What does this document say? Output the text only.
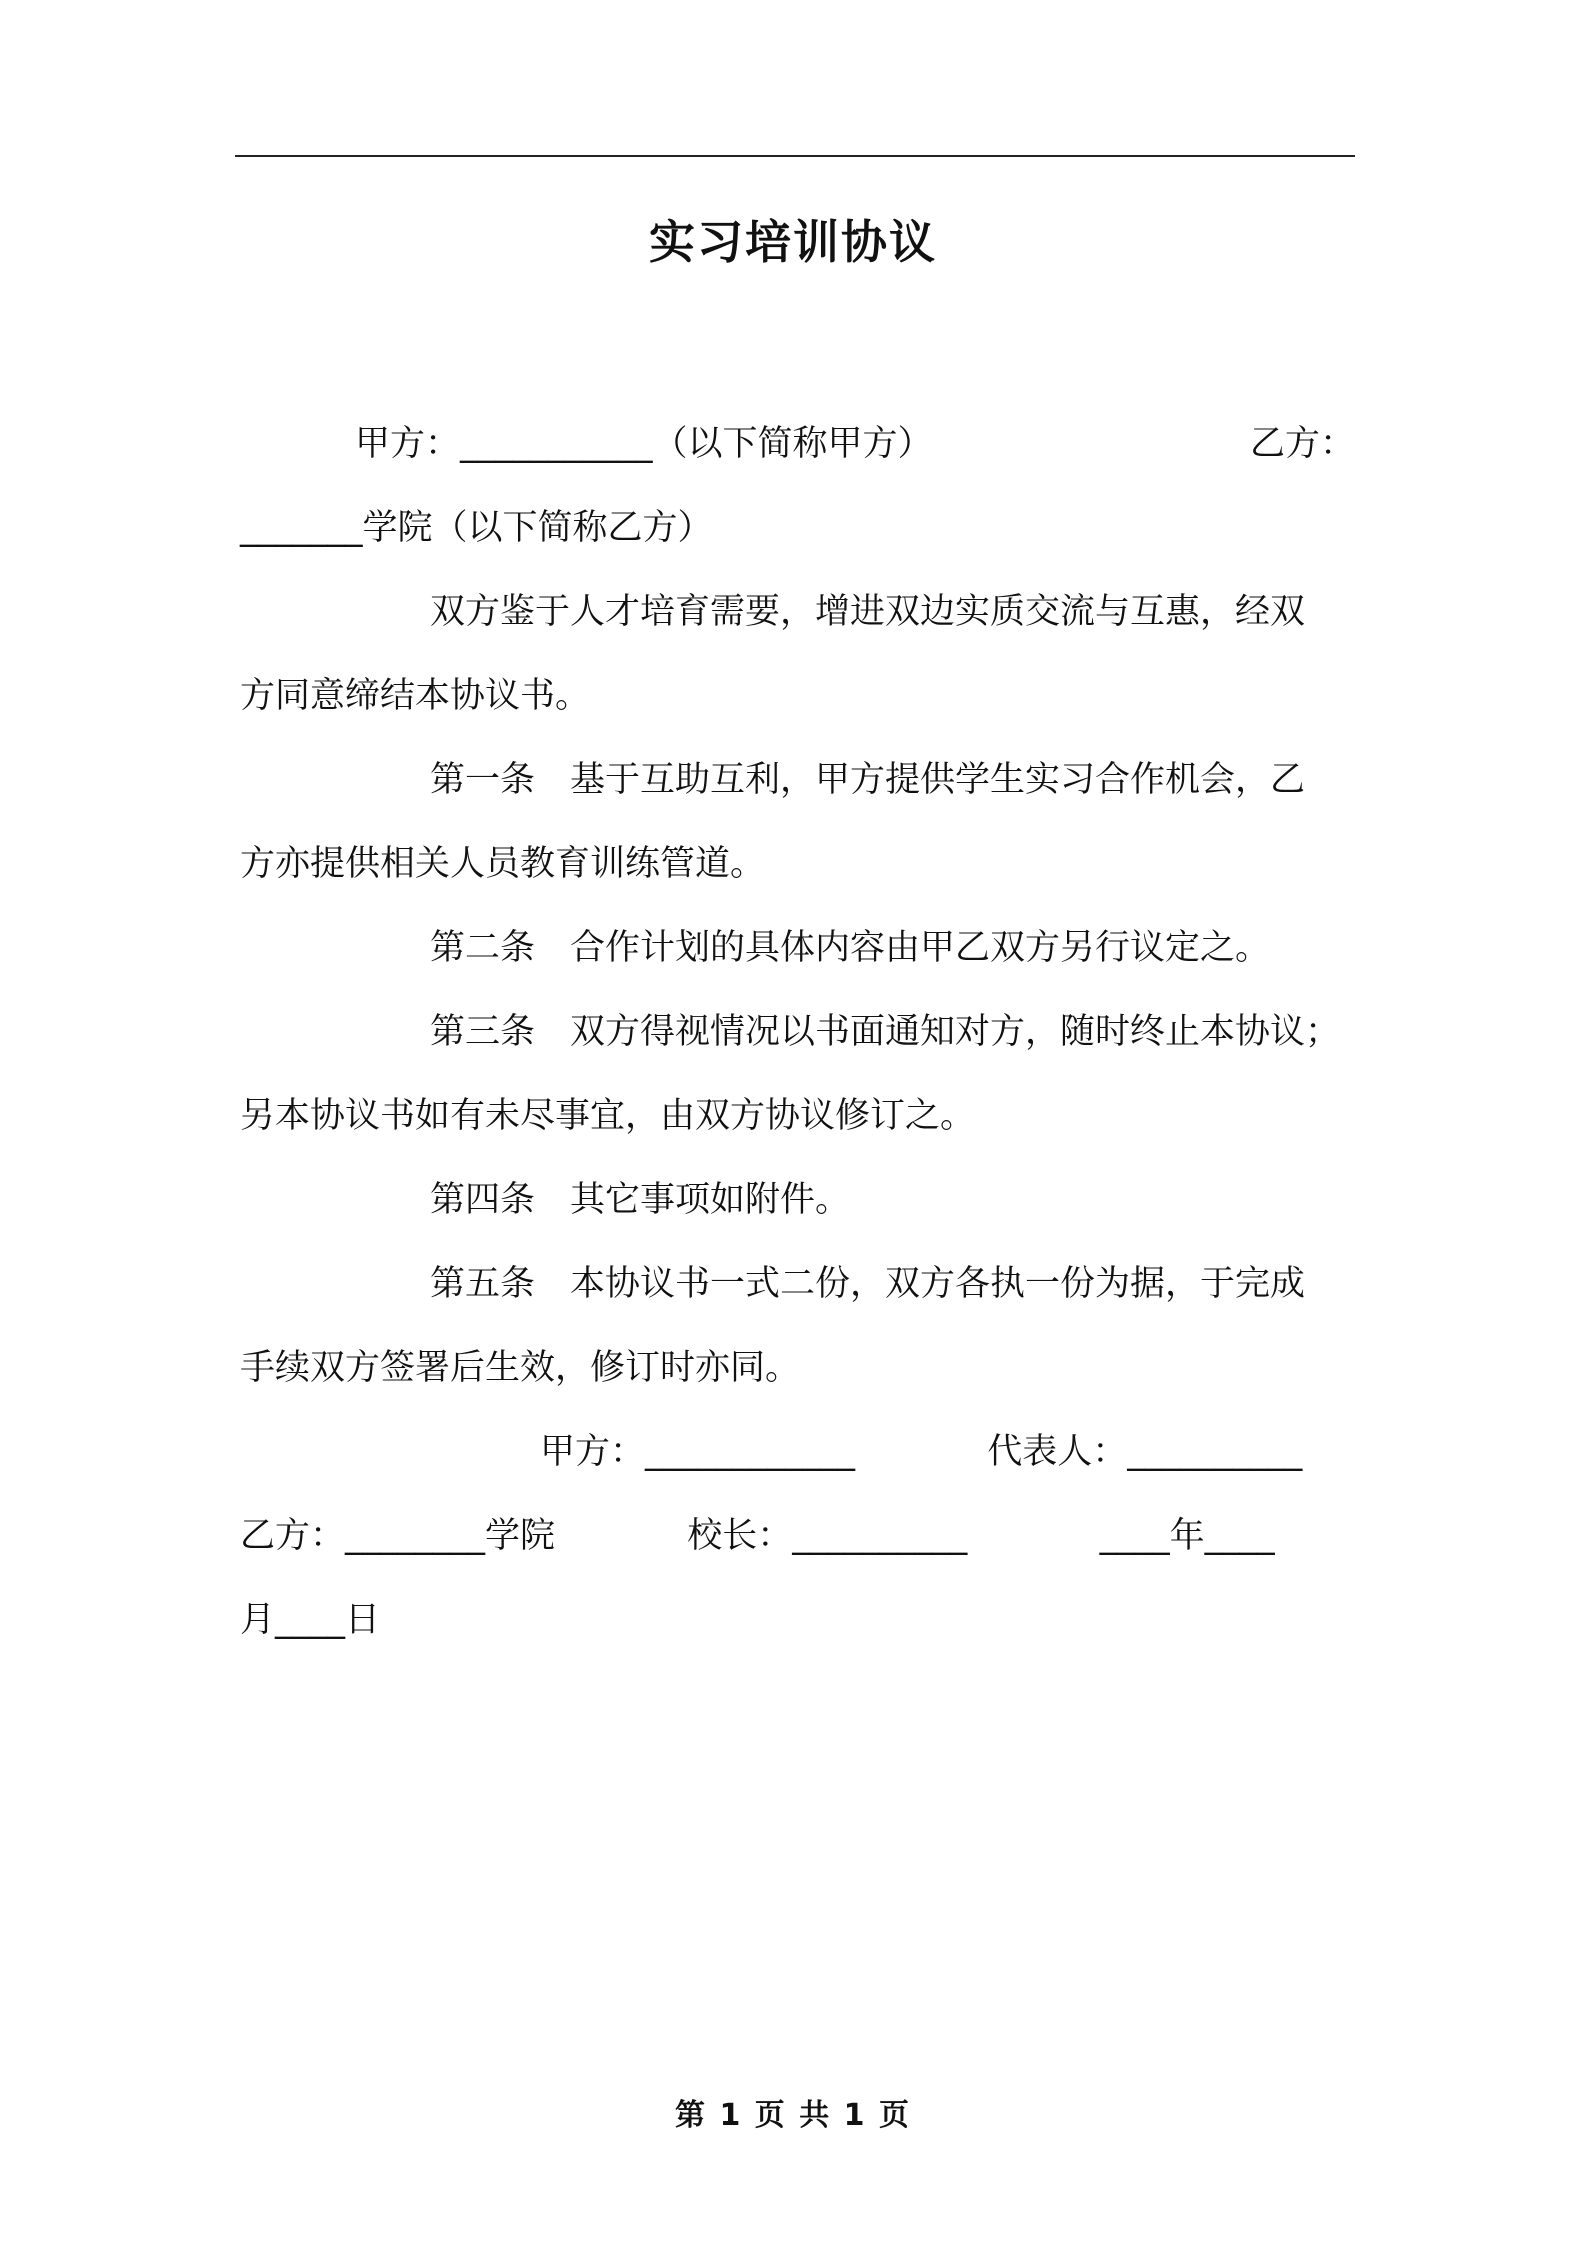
实习培训协议
甲方：___________（以下简称甲方）	乙方：
_______学院（以下简称乙方）
双方鉴于人才培育需要，增进双边实质交流与互惠，经双
方同意缔结本协议书。
第一条　基于互助互利，甲方提供学生实习合作机会，乙
方亦提供相关人员教育训练管道。
第二条　合作计划的具体内容由甲乙双方另行议定之。
第三条　双方得视情况以书面通知对方，随时终止本协议；
另本协议书如有未尽事宜，由双方协议修订之。
第四条　其它事项如附件。
第五条　本协议书一式二份，双方各执一份为据，于完成
手续双方签署后生效，修订时亦同。
甲方：____________	代表人：__________
乙方：________学院	校长：__________	____年____
月____日
第 1 页 共 1 页
